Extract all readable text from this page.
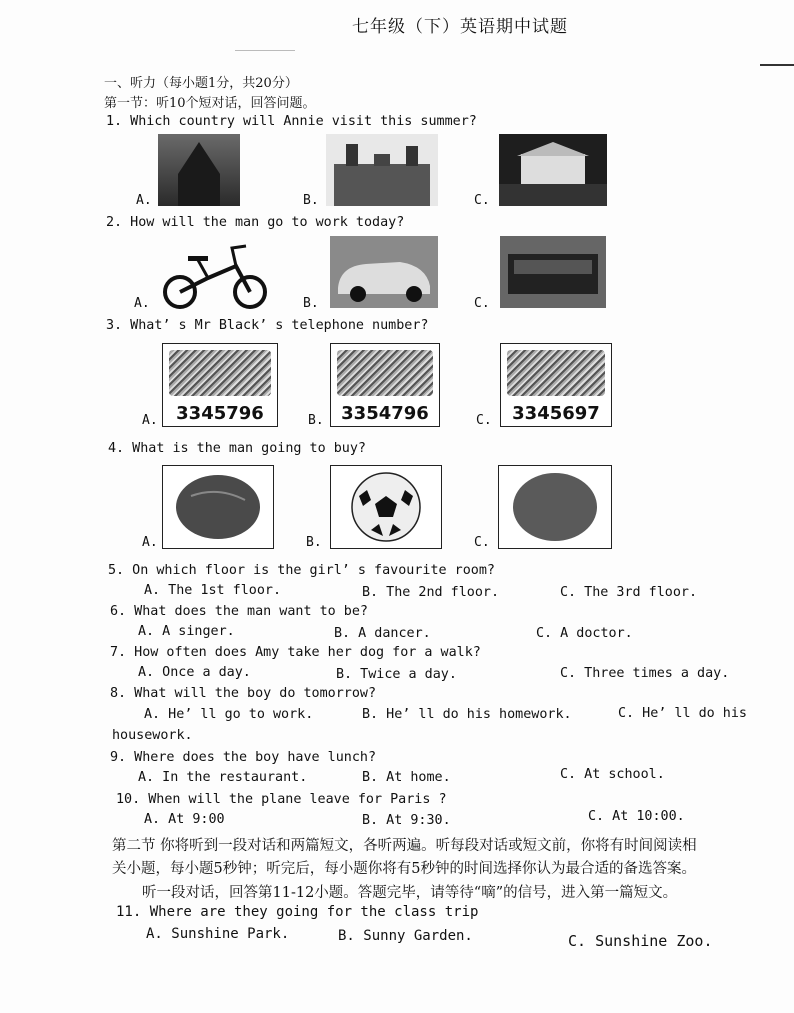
七年级（下）英语期中试题
一、听力（每小题1分，共20分）
第一节：听10个短对话，回答问题。
1. Which country will Annie visit this summer?
A.	B.	C.
2. How will the man go to work today?
A.	B.	C.
3. What’ s Mr Black’ s telephone number?
A.	3345796	B. 3354796	C.	3345697
4. What is the man going to buy?
A.	B.	C.
5. On which floor is the girl’ s favourite room?
A. The 1st floor.	B. The 2nd floor.	C. The 3rd floor.
6. What does the man want to be?
A. A singer.	B. A dancer.	C. A doctor.
7. How often does Amy take her dog for a walk?
A. Once a day.	B. Twice a day.	C. Three times a day.
8. What will the boy do tomorrow?
A. He’ ll go to work.	B. He’ ll do his homework.	C. He’ ll do his
housework.
9. Where does the boy have lunch?
A. In the restaurant.	B. At home.	C. At school.
10. When will the plane leave for Paris ?
A. At 9:00	B. At 9:30.	C. At 10:00.
第二节 你将听到一段对话和两篇短文，各听两遍。听每段对话或短文前，你将有时间阅读相
关小题，每小题5秒钟；听完后，每小题你将有5秒钟的时间选择你认为最合适的备选答案。
听一段对话，回答第11-12小题。答题完毕，请等待“嘀”的信号，进入第一篇短文。
11. Where are they going for the class trip
A. Sunshine Park.	B. Sunny Garden.	C. Sunshine Zoo.
